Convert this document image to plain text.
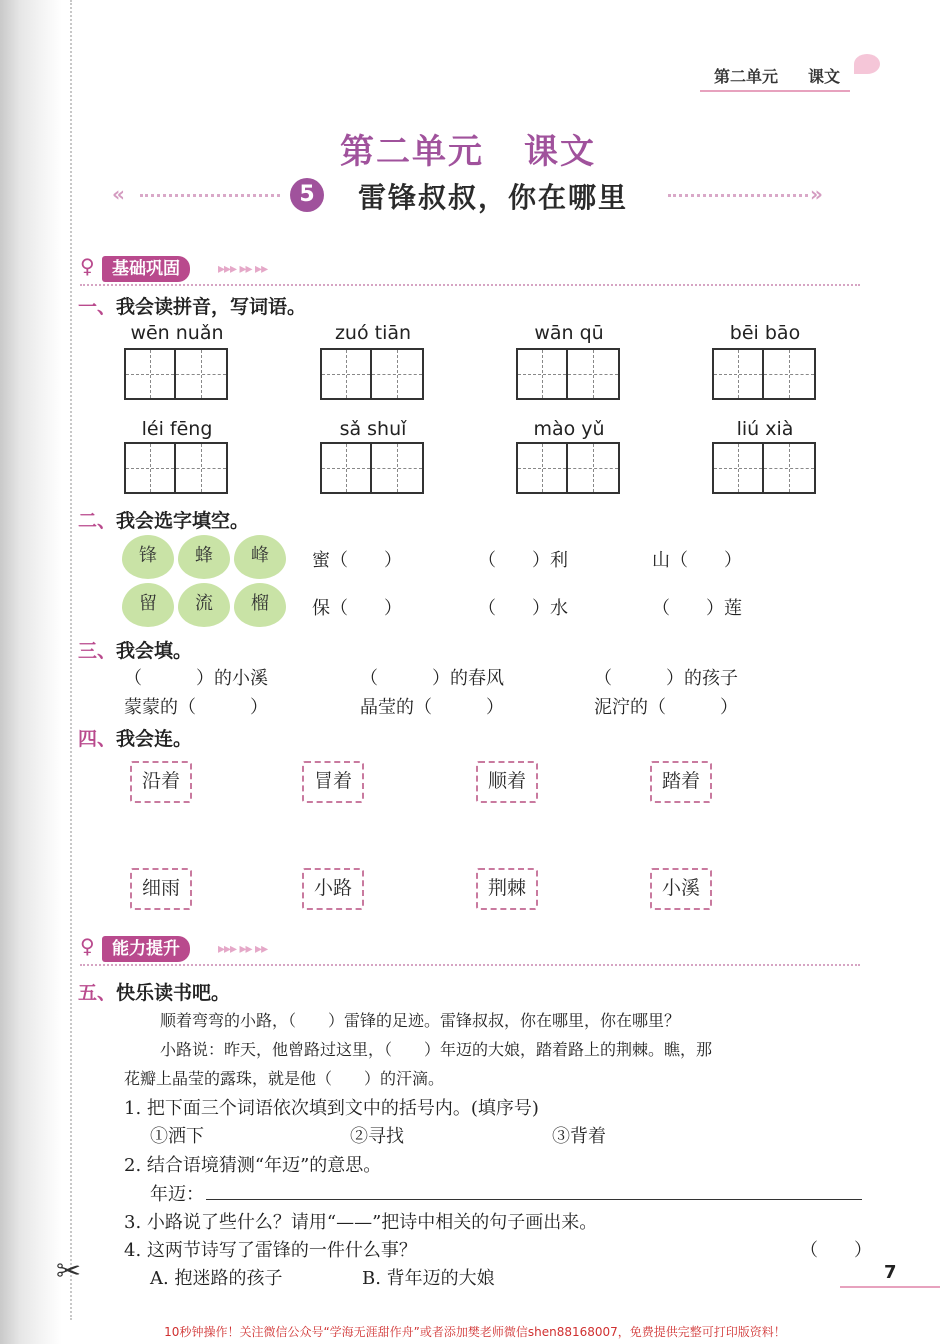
第二单元 课文
第二单元 课文
«	5	雷锋叔叔，你在哪里	»
♀	基础巩固	▸▸▸ ▸▸ ▸▸
一、我会读拼音，写词语。
wēn nuǎn	zuó tiān	wān qū	bēi bāo
léi fēng	sǎ shuǐ	mào yǔ	liú xià
二、我会选字填空。
锋	蜂	峰
留	流	榴
蜜（　　）	（　　）利	山（　　）
保（　　）	（　　）水	（　　）莲
三、我会填。
（　　　）的小溪	（　　　）的春风	（　　　）的孩子
蒙蒙的（　　　）	晶莹的（　　　）	泥泞的（　　　）
四、我会连。
沿着	冒着	顺着	踏着
细雨	小路	荆棘	小溪
♀	能力提升	▸▸▸ ▸▸ ▸▸
五、快乐读书吧。
顺着弯弯的小路，（　　）雷锋的足迹。雷锋叔叔，你在哪里，你在哪里？
小路说：昨天，他曾路过这里，（　　）年迈的大娘，踏着路上的荆棘。瞧，那
花瓣上晶莹的露珠，就是他（　　）的汗滴。
1. 把下面三个词语依次填到文中的括号内。(填序号)
①洒下	②寻找	③背着
2. 结合语境猜测“年迈”的意思。
年迈：
3. 小路说了些什么？请用“——”把诗中相关的句子画出来。
4. 这两节诗写了雷锋的一件什么事？	（　　）
A. 抱迷路的孩子	B. 背年迈的大娘
✂	7
10秒钟操作！关注微信公众号“学海无涯甜作舟”或者添加樊老师微信shen88168007，免费提供完整可打印版资料！
